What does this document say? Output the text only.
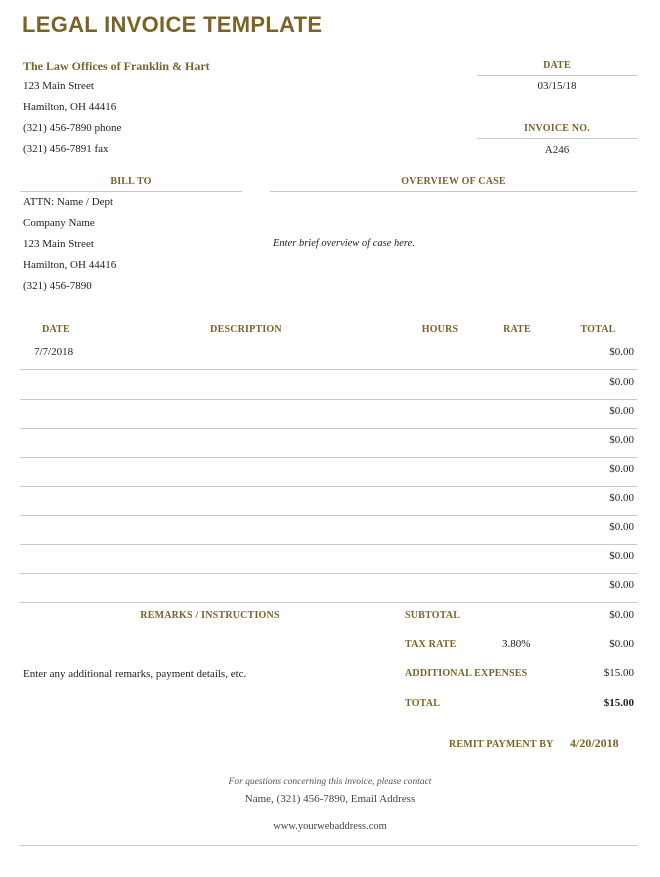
LEGAL INVOICE TEMPLATE
The Law Offices of Franklin & Hart
123 Main Street
Hamilton, OH 44416
(321) 456-7890 phone
(321) 456-7891 fax
DATE
03/15/18
INVOICE NO.
A246
BILL TO
ATTN: Name / Dept
Company Name
123 Main Street
Hamilton, OH 44416
(321) 456-7890
OVERVIEW OF CASE
Enter brief overview of case here.
DATE	DESCRIPTION	HOURS	RATE	TOTAL
7/7/2018	$0.00
$0.00
$0.00
$0.00
$0.00
$0.00
$0.00
$0.00
$0.00
REMARKS / INSTRUCTIONS
Enter any additional remarks, payment details, etc.
SUBTOTAL	$0.00
TAX RATE	3.80%	$0.00
ADDITIONAL EXPENSES	$15.00
TOTAL	$15.00
REMIT PAYMENT BY 4/20/2018
For questions concerning this invoice, please contact
Name, (321) 456-7890, Email Address
www.yourwebaddress.com
